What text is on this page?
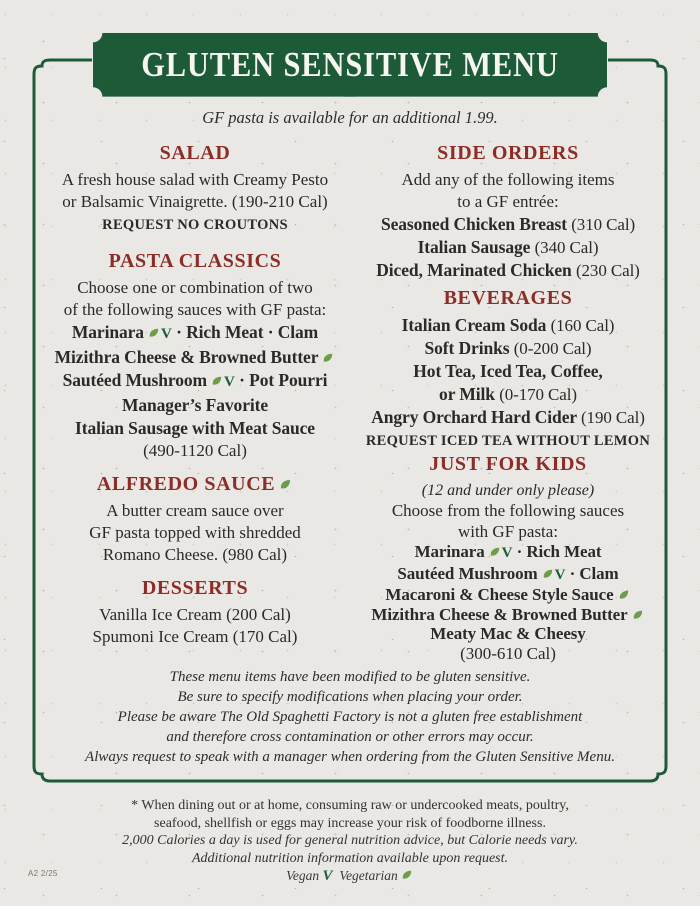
GLUTEN SENSITIVE MENU
GF pasta is available for an additional 1.99.
SALAD
A fresh house salad with Creamy Pesto
or Balsamic Vinaigrette. (190-210 Cal)
REQUEST NO CROUTONS
PASTA CLASSICS
Choose one or combination of two
of the following sauces with GF pasta:
Marinara V · Rich Meat · Clam
Mizithra Cheese & Browned Butter
Sautéed Mushroom V · Pot Pourri
Manager’s Favorite
Italian Sausage with Meat Sauce
(490-1120 Cal)
ALFREDO SAUCE
A butter cream sauce over
GF pasta topped with shredded
Romano Cheese. (980 Cal)
DESSERTS
Vanilla Ice Cream (200 Cal)
Spumoni Ice Cream (170 Cal)
SIDE ORDERS
Add any of the following items
to a GF entrée:
Seasoned Chicken Breast (310 Cal)
Italian Sausage (340 Cal)
Diced, Marinated Chicken (230 Cal)
BEVERAGES
Italian Cream Soda (160 Cal)
Soft Drinks (0-200 Cal)
Hot Tea, Iced Tea, Coffee,
or Milk (0-170 Cal)
Angry Orchard Hard Cider (190 Cal)
REQUEST ICED TEA WITHOUT LEMON
JUST FOR KIDS
(12 and under only please)
Choose from the following sauces
with GF pasta:
Marinara V · Rich Meat
Sautéed Mushroom V · Clam
Macaroni & Cheese Style Sauce
Mizithra Cheese & Browned Butter
Meaty Mac & Cheesy
(300-610 Cal)
These menu items have been modified to be gluten sensitive.
Be sure to specify modifications when placing your order.
Please be aware The Old Spaghetti Factory is not a gluten free establishment
and therefore cross contamination or other errors may occur.
Always request to speak with a manager when ordering from the Gluten Sensitive Menu.
* When dining out or at home, consuming raw or undercooked meats, poultry,
seafood, shellfish or eggs may increase your risk of foodborne illness.
2,000 Calories a day is used for general nutrition advice, but Calorie needs vary.
Additional nutrition information available upon request.
Vegan V Vegetarian
A2 2/25
